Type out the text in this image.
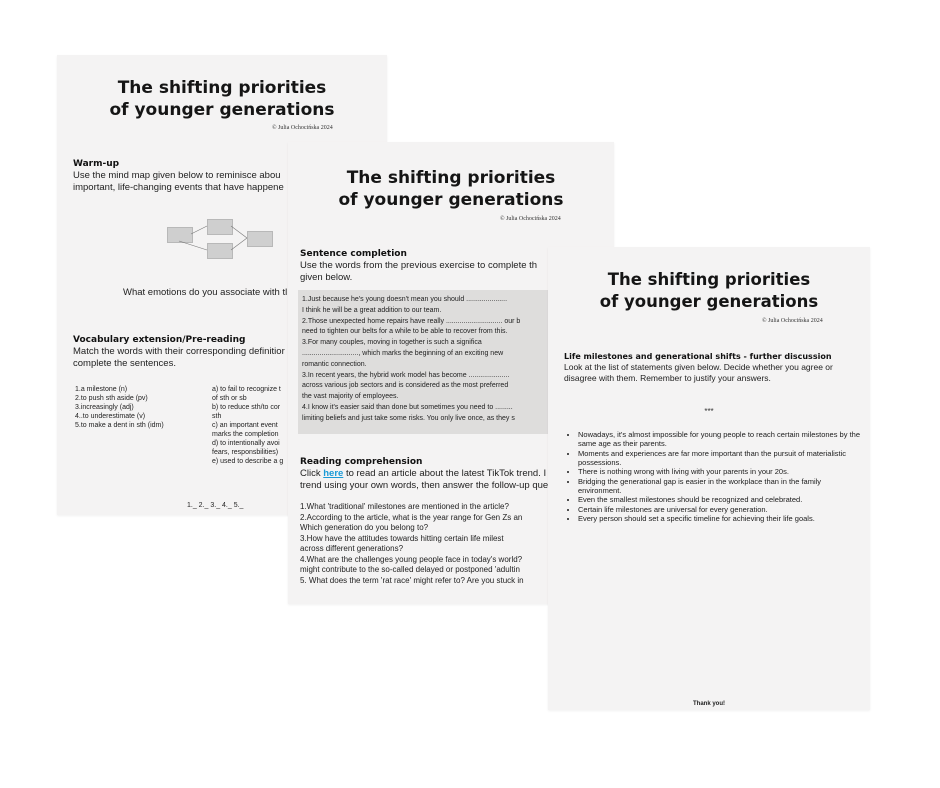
The shifting priorities
of younger generations
© Julia Ochocińska 2024
Warm-up
Use the mind map given below to reminisce abou
important, life-changing events that have happene
What emotions do you associate with tl
Vocabulary extension/Pre-reading
Match the words with their corresponding definitior
complete the sentences.
1.a milestone (n)
2.to push sth aside (pv)
3.increasingly (adj)
4..to underestimate (v)
5.to make a dent in sth (idm)
a) to fail to recognize t
of sth or sb
b) to reduce sth/to cor
sth
c) an important event
marks the completion
d) to intentionally avoi
fears, responsbilities)
e) used to describe a g
1._ 2._ 3._ 4._ 5._
The shifting priorities
of younger generations
© Julia Ochocińska 2024
Sentence completion
Use the words from the previous exercise to complete th
given below.
1.Just because he's young doesn't mean you should .....................
I think he will be a great addition to our team.
2.Those unexpected home repairs have really ............................. our b
need to tighten our belts for a while to be able to recover from this.
3.For many couples, moving in together is such a significa
............................., which marks the beginning of an exciting new
romantic connection.
3.In recent years, the hybrid work model has become .....................
across various job sectors and is considered as the most preferred
the vast majority of employees.
4.I know it's easier said than done but sometimes you need to .........
limiting beliefs and just take some risks. You only live once, as they s
Reading comprehension
Click here to read an article about the latest TikTok trend. I
trend using your own words, then answer the follow-up que
1.What 'traditional' milestones are mentioned in the article?
2.According to the article, what is the year range for Gen Zs an
Which generation do you belong to?
3.How have the attitudes towards hitting certain life milest
across different generations?
4.What are the challenges young people face in today's world?
might contribute to the so-called delayed or postponed 'adultin
5. What does the term 'rat race' might refer to? Are you stuck in
The shifting priorities
of younger generations
© Julia Ochocińska 2024
Life milestones and generational shifts - further discussion
Look at the list of statements given below. Decide whether you agree or
disagree with them. Remember to justify your answers.
***
• Nowadays, it's almost impossible for young people to reach certain milestones by the same age as their parents.
• Moments and experiences are far more important than the pursuit of materialistic possessions.
• There is nothing wrong with living with your parents in your 20s.
• Bridging the generational gap is easier in the workplace than in the family environment.
• Even the smallest milestones should be recognized and celebrated.
• Certain life milestones are universal for every generation.
• Every person should set a specific timeline for achieving their life goals.
Thank you!
